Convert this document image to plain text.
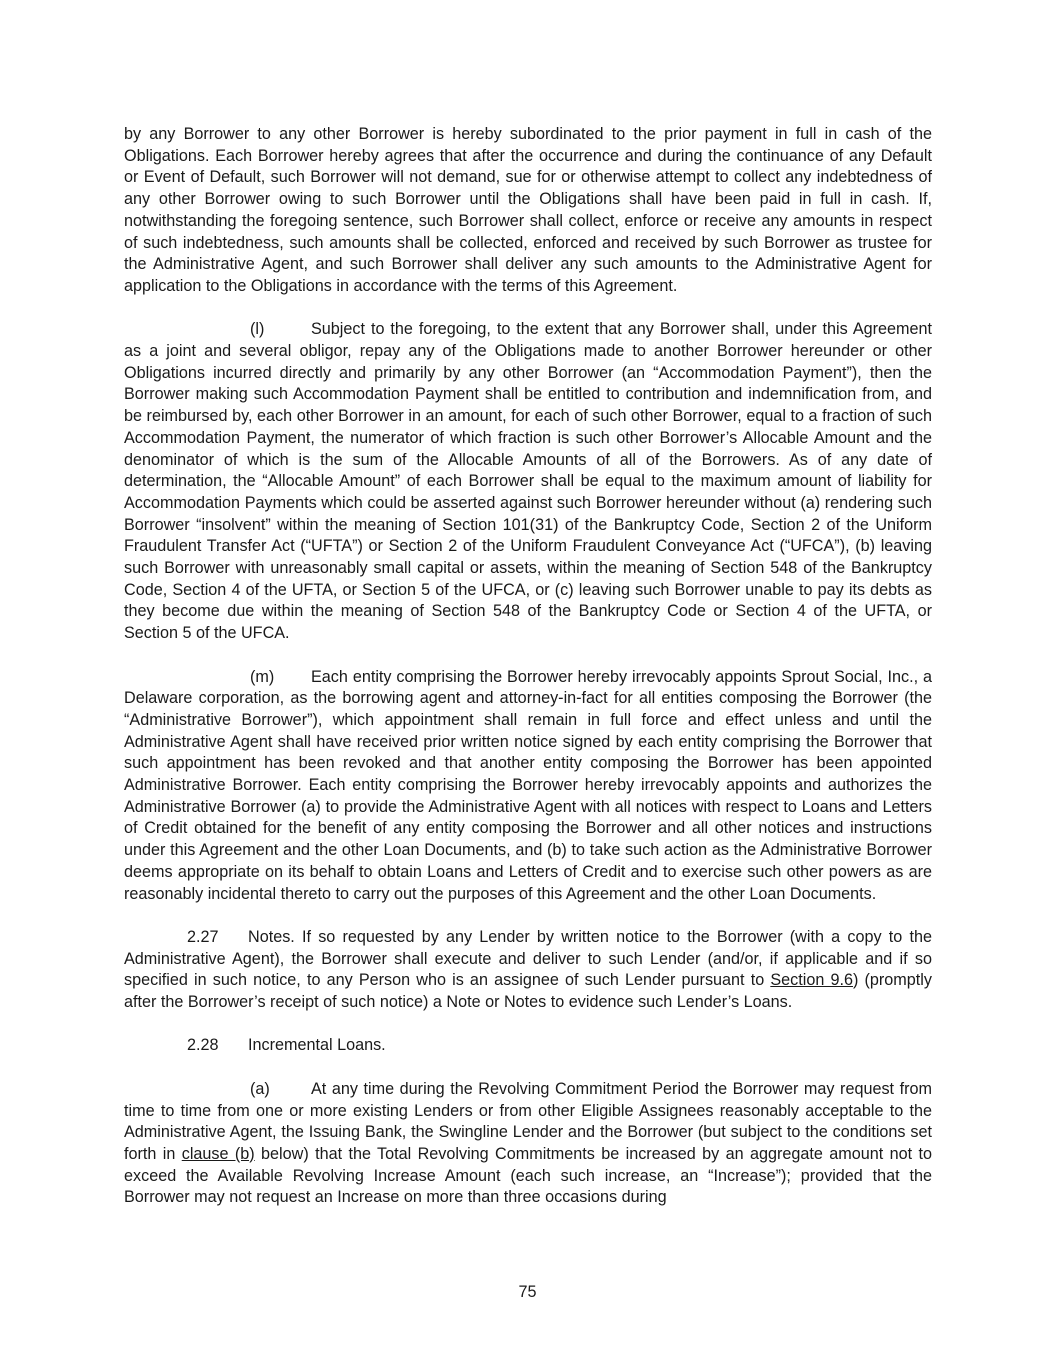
by any Borrower to any other Borrower is hereby subordinated to the prior payment in full in cash of the Obligations. Each Borrower hereby agrees that after the occurrence and during the continuance of any Default or Event of Default, such Borrower will not demand, sue for or otherwise attempt to collect any indebtedness of any other Borrower owing to such Borrower until the Obligations shall have been paid in full in cash. If, notwithstanding the foregoing sentence, such Borrower shall collect, enforce or receive any amounts in respect of such indebtedness, such amounts shall be collected, enforced and received by such Borrower as trustee for the Administrative Agent, and such Borrower shall deliver any such amounts to the Administrative Agent for application to the Obligations in accordance with the terms of this Agreement.

(l)	Subject to the foregoing, to the extent that any Borrower shall, under this Agreement as a joint and several obligor, repay any of the Obligations made to another Borrower hereunder or other Obligations incurred directly and primarily by any other Borrower (an “Accommodation Payment”), then the Borrower making such Accommodation Payment shall be entitled to contribution and indemnification from, and be reimbursed by, each other Borrower in an amount, for each of such other Borrower, equal to a fraction of such Accommodation Payment, the numerator of which fraction is such other Borrower’s Allocable Amount and the denominator of which is the sum of the Allocable Amounts of all of the Borrowers. As of any date of determination, the “Allocable Amount” of each Borrower shall be equal to the maximum amount of liability for Accommodation Payments which could be asserted against such Borrower hereunder without (a) rendering such Borrower “insolvent” within the meaning of Section 101(31) of the Bankruptcy Code, Section 2 of the Uniform Fraudulent Transfer Act (“UFTA”) or Section 2 of the Uniform Fraudulent Conveyance Act (“UFCA”), (b) leaving such Borrower with unreasonably small capital or assets, within the meaning of Section 548 of the Bankruptcy Code, Section 4 of the UFTA, or Section 5 of the UFCA, or (c) leaving such Borrower unable to pay its debts as they become due within the meaning of Section 548 of the Bankruptcy Code or Section 4 of the UFTA, or Section 5 of the UFCA.

(m) Each entity comprising the Borrower hereby irrevocably appoints Sprout Social, Inc., a Delaware corporation, as the borrowing agent and attorney-in-fact for all entities composing the Borrower (the “Administrative Borrower”), which appointment shall remain in full force and effect unless and until the Administrative Agent shall have received prior written notice signed by each entity comprising the Borrower that such appointment has been revoked and that another entity composing the Borrower has been appointed Administrative Borrower. Each entity comprising the Borrower hereby irrevocably appoints and authorizes the Administrative Borrower (a) to provide the Administrative Agent with all notices with respect to Loans and Letters of Credit obtained for the benefit of any entity composing the Borrower and all other notices and instructions under this Agreement and the other Loan Documents, and (b) to take such action as the Administrative Borrower deems appropriate on its behalf to obtain Loans and Letters of Credit and to exercise such other powers as are reasonably incidental thereto to carry out the purposes of this Agreement and the other Loan Documents.

2.27 Notes. If so requested by any Lender by written notice to the Borrower (with a copy to the Administrative Agent), the Borrower shall execute and deliver to such Lender (and/or, if applicable and if so specified in such notice, to any Person who is an assignee of such Lender pursuant to Section 9.6) (promptly after the Borrower’s receipt of such notice) a Note or Notes to evidence such Lender’s Loans.

2.28 Incremental Loans.

(a)	At any time during the Revolving Commitment Period the Borrower may request from time to time from one or more existing Lenders or from other Eligible Assignees reasonably acceptable to the Administrative Agent, the Issuing Bank, the Swingline Lender and the Borrower (but subject to the conditions set forth in clause (b) below) that the Total Revolving Commitments be increased by an aggregate amount not to exceed the Available Revolving Increase Amount (each such increase, an “Increase”); provided that the Borrower may not request an Increase on more than three occasions during

75
